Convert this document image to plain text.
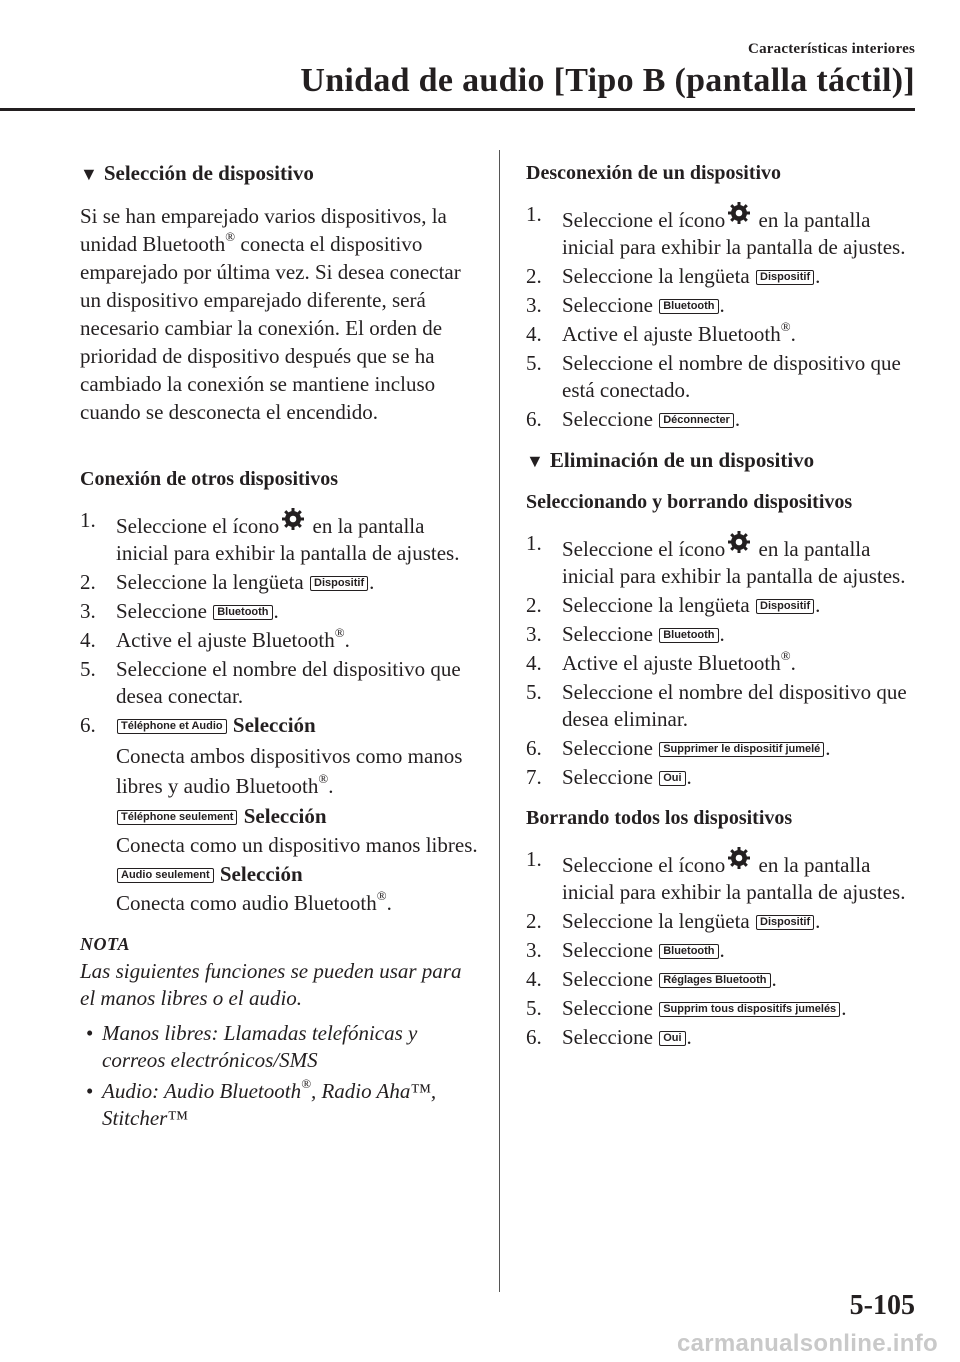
Características interiores
Unidad de audio [Tipo B (pantalla táctil)]
▼ Selección de dispositivo

Si se han emparejado varios dispositivos, la unidad Bluetooth® conecta el dispositivo emparejado por última vez. Si desea conectar un dispositivo emparejado diferente, será necesario cambiar la conexión. El orden de prioridad de dispositivo después que se ha cambiado la conexión se mantiene incluso cuando se desconecta el encendido.

Conexión de otros dispositivos
1. Seleccione el ícono en la pantalla inicial para exhibir la pantalla de ajustes.
2. Seleccione la lengüeta Dispositif .
3. Seleccione Bluetooth .
4. Active el ajuste Bluetooth®.
5. Seleccione el nombre del dispositivo que desea conectar.
6.	Téléphone et Audio Selección
Conecta ambos dispositivos como manos libres y audio Bluetooth®.
Téléphone seulement Selección
Conecta como un dispositivo manos libres.
Audio seulement Selección
Conecta como audio Bluetooth®.
NOTA

Las siguientes funciones se pueden usar para el manos libres o el audio.

• Manos libres: Llamadas telefónicas y correos electrónicos/SMS
• Audio: Audio Bluetooth®, Radio Aha™, Stitcher™
Desconexión de un dispositivo
1. Seleccione el ícono en la pantalla inicial para exhibir la pantalla de ajustes.
2. Seleccione la lengüeta Dispositif .
3. Seleccione Bluetooth .
4. Active el ajuste Bluetooth®.
5. Seleccione el nombre de dispositivo que está conectado.
6. Seleccione Déconnecter .
▼ Eliminación de un dispositivo
Seleccionando y borrando dispositivos
1. Seleccione el ícono en la pantalla inicial para exhibir la pantalla de ajustes.
2. Seleccione la lengüeta Dispositif .
3. Seleccione Bluetooth .
4. Active el ajuste Bluetooth®.
5. Seleccione el nombre del dispositivo que desea eliminar.
6. Seleccione Supprimer le dispositif jumelé .
7. Seleccione Oui .
Borrando todos los dispositivos
1. Seleccione el ícono en la pantalla inicial para exhibir la pantalla de ajustes.
2. Seleccione la lengüeta Dispositif .
3. Seleccione Bluetooth .
4. Seleccione Réglages Bluetooth .
5. Seleccione Supprim tous dispositifs jumelés .
6. Seleccione Oui .
5-105
carmanualsonline.info
